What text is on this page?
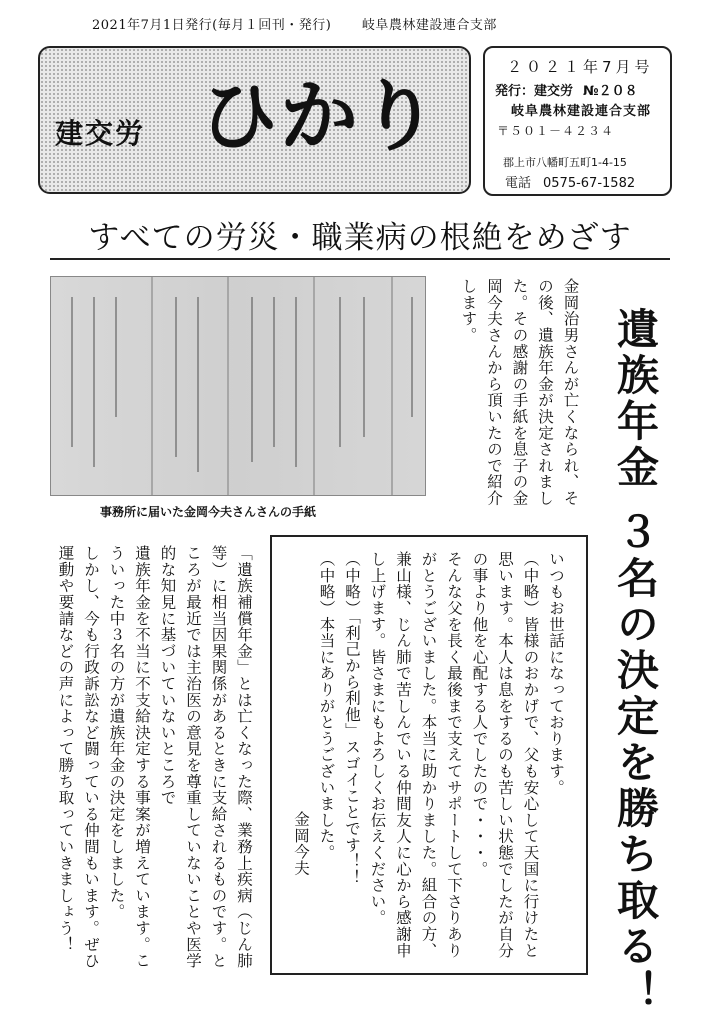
2021年7月1日発行(毎月１回刊・発行) 岐阜農林建設連合支部
建交労 ひかり
２０２１年7月号
発行：建交労 №２０８
岐阜農林建設連合支部
〒５０１－４２３４
郡上市八幡町五町1-4-15
電話 0575-67-1582
すべての労災・職業病の根絶をめざす
事務所に届いた金岡今夫さんさんの手紙
遺族年金
３名の決定を勝ち取る！
金岡治男さんが亡くなられ、その後、遺族年金が決定されました。その感謝の手紙を息子の金岡今夫さんから頂いたので紹介します。
いつもお世話になっております。
（中略）皆様のおかげで、父も安心して天国に行けたと思います。本人は息をするのも苦しい状態でしたが自分の事より他を心配する人でしたので・・・。
そんな父を長く最後まで支えてサポートして下さりありがとうございました。本当に助かりました。組合の方、兼山様、じん肺で苦しんでいる仲間友人に心から感謝申し上げます。皆さまにもよろしくお伝えください。
（中略）「利己から利他」スゴイことです！！
（中略）本当にありがとうございました。
金岡今夫
「遺族補償年金」とは亡くなった際、業務上疾病（じん肺等）に相当因果関係があるときに支給されるものです。ところが最近では主治医の意見を尊重していないことや医学的な知見に基づいていないところで
遺族年金を不当に不支給決定する事案が増えています。こういった中３名の方が遺族年金の決定をしました。
しかし、今も行政訴訟など闘っている仲間もいます。ぜひ運動や要請などの声によって勝ち取っていきましょう！
